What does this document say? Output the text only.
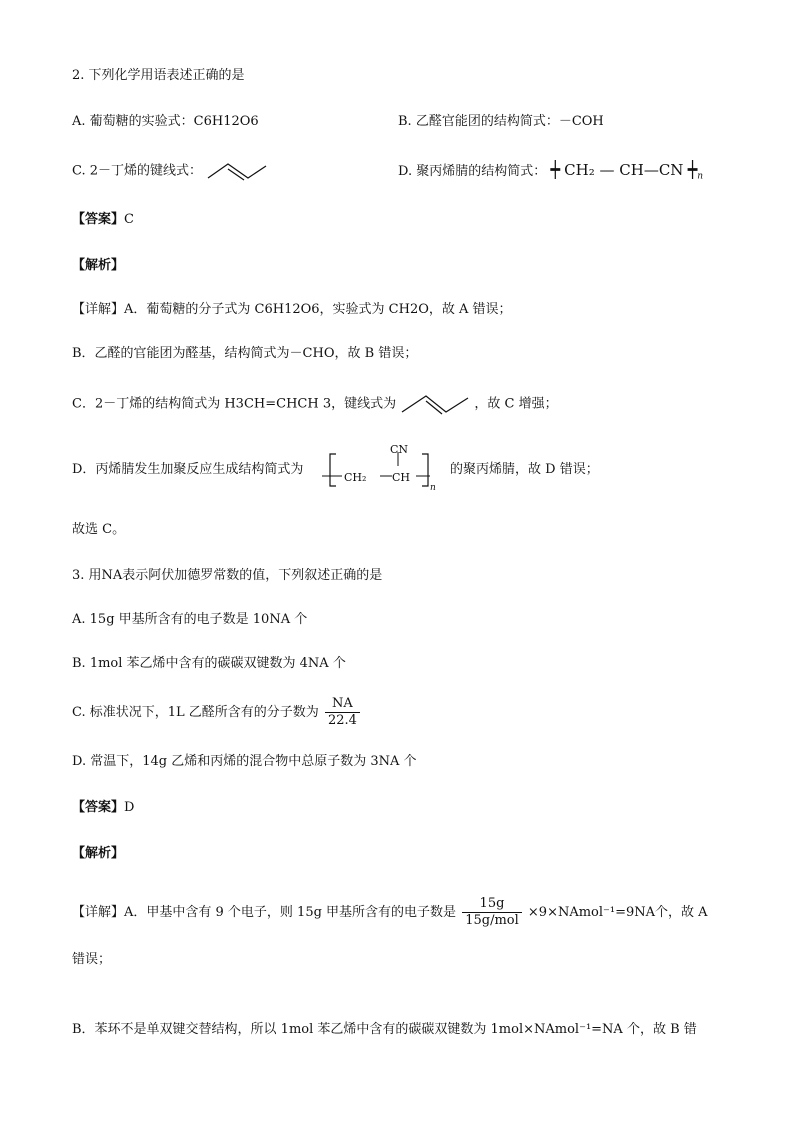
2. 下列化学用语表述正确的是
A. 葡萄糖的实验式：C6H12O6	B. 乙醛官能团的结构简式：－COH
C. 2－丁烯的键线式：	D. 聚丙烯腈的结构简式： ┿ CH₂ — CH—CN $┿_n$
【答案】C
【解析】
【详解】A．葡萄糖的分子式为 C6H12O6，实验式为 CH2O，故 A 错误；
B．乙醛的官能团为醛基，结构简式为－CHO，故 B 错误；
C．2－丁烯的结构简式为 H3CH=CHCH 3，键线式为	，故 C 增强；
D．丙烯腈发生加聚反应生成结构简式为
CN
CH₂ CH
n
的聚丙烯腈，故 D 错误；
故选 C。
3. 用NA表示阿伏加德罗常数的值，下列叙述正确的是
A. 15g 甲基所含有的电子数是 10NA 个
B. 1mol 苯乙烯中含有的碳碳双键数为 4NA 个
C. 标准状况下，1L 乙醛所含有的分子数为 $\frac{NA}{22.4}$
D. 常温下，14g 乙烯和丙烯的混合物中总原子数为 3NA 个
【答案】D
【解析】
【详解】A．甲基中含有 9 个电子，则 15g 甲基所含有的电子数是 $\frac{15g}{\text{15g/mol}}$ ×9×NAmol⁻¹=9NA个，故 A
错误；
B．苯环不是单双键交替结构，所以 1mol 苯乙烯中含有的碳碳双键数为 1mol×NAmol⁻¹=NA 个，故 B 错
